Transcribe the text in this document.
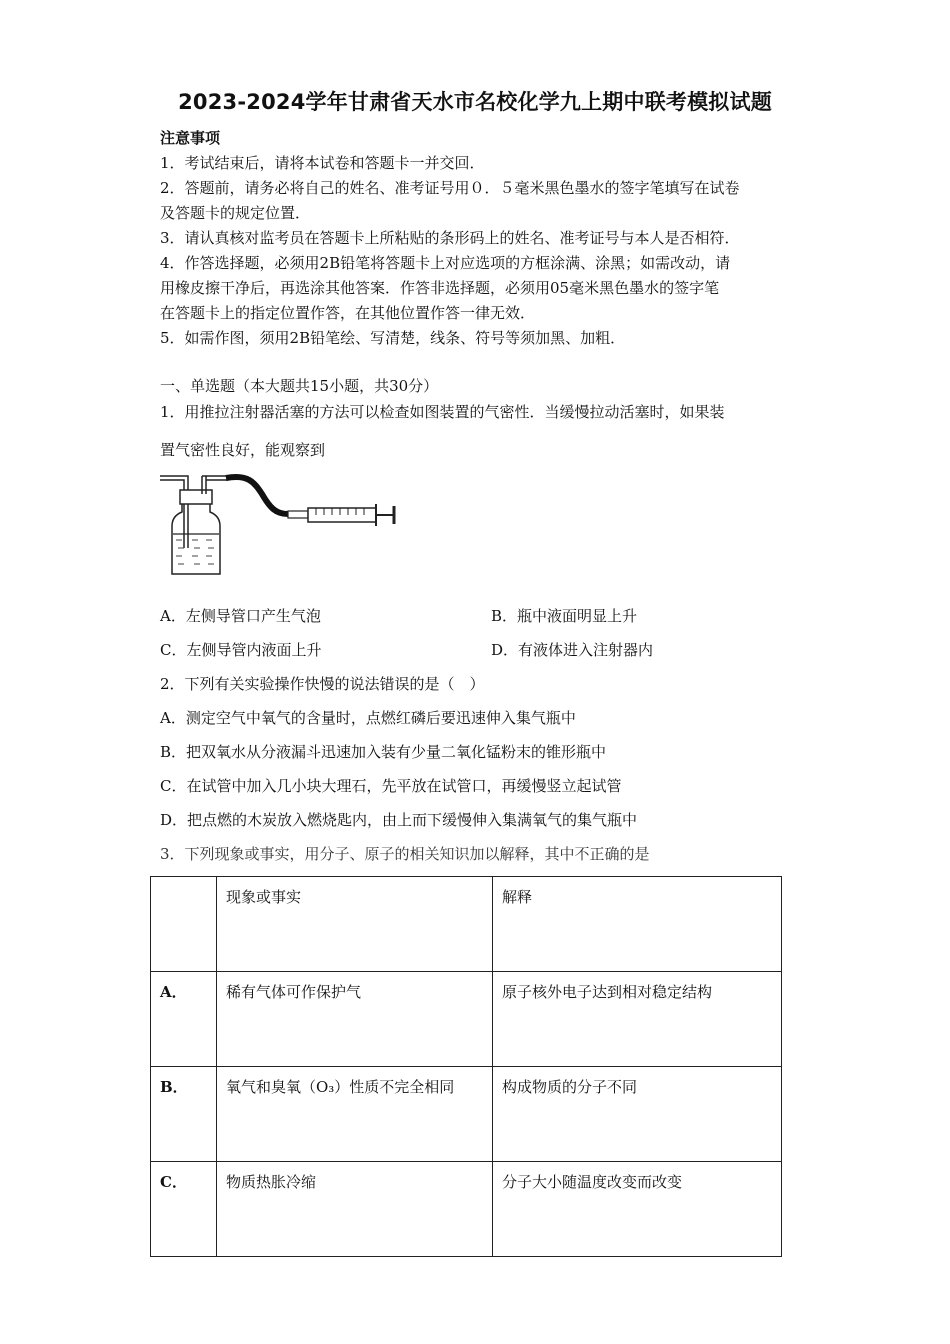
2023-2024学年甘肃省天水市名校化学九上期中联考模拟试题
注意事项
1．考试结束后，请将本试卷和答题卡一并交回．
2．答题前，请务必将自己的姓名、准考证号用０．５毫米黑色墨水的签字笔填写在试卷
及答题卡的规定位置．
3．请认真核对监考员在答题卡上所粘贴的条形码上的姓名、准考证号与本人是否相符．
4．作答选择题，必须用2B铅笔将答题卡上对应选项的方框涂满、涂黑；如需改动，请
用橡皮擦干净后，再选涂其他答案．作答非选择题，必须用05毫米黑色墨水的签字笔
在答题卡上的指定位置作答，在其他位置作答一律无效．
5．如需作图，须用2B铅笔绘、写清楚，线条、符号等须加黑、加粗．
一、单选题（本大题共15小题，共30分）
1．用推拉注射器活塞的方法可以检查如图装置的气密性．当缓慢拉动活塞时，如果装
置气密性良好，能观察到
A．左侧导管口产生气泡	B．瓶中液面明显上升
C．左侧导管内液面上升	D．有液体进入注射器内
2．下列有关实验操作快慢的说法错误的是（　）
A．测定空气中氧气的含量时，点燃红磷后要迅速伸入集气瓶中
B．把双氧水从分液漏斗迅速加入装有少量二氧化锰粉末的锥形瓶中
C．在试管中加入几小块大理石，先平放在试管口，再缓慢竖立起试管
D．把点燃的木炭放入燃烧匙内，由上而下缓慢伸入集满氧气的集气瓶中
3．下列现象或事实，用分子、原子的相关知识加以解释，其中不正确的是
	现象或事实	解释
A．	稀有气体可作保护气	原子核外电子达到相对稳定结构
B．	氧气和臭氧（O₃）性质不完全相同	构成物质的分子不同
C．	物质热胀冷缩	分子大小随温度改变而改变
